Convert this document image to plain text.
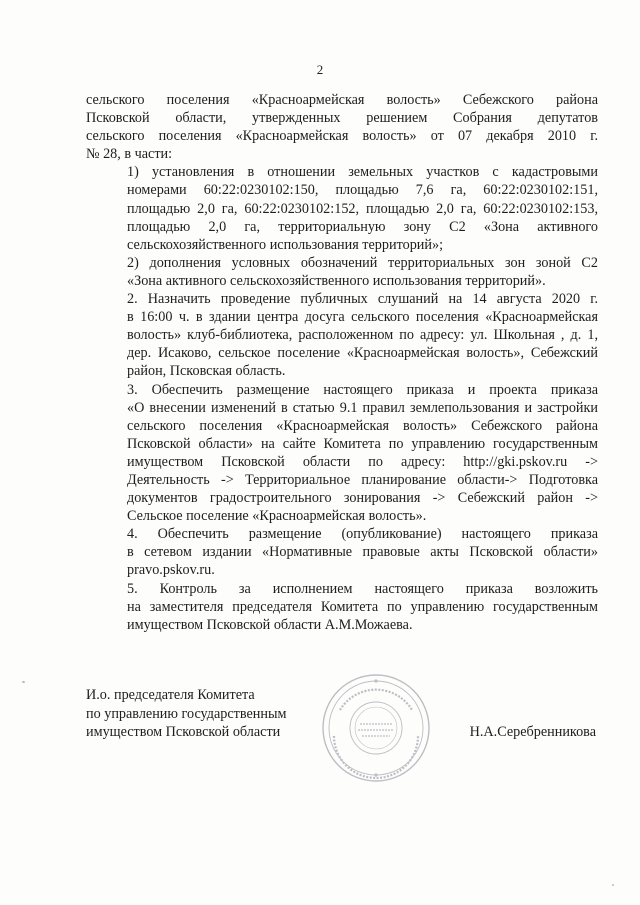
2

сельского поселения «Красноармейская волость» Себежского района
Псковской области, утвержденных решением Собрания депутатов
сельского поселения «Красноармейская волость» от 07 декабря 2010 г.
№ 28, в части:

1) установления в отношении земельных участков с кадастровыми
номерами 60:22:0230102:150, площадью 7,6 га, 60:22:0230102:151,
площадью 2,0 га, 60:22:0230102:152, площадью 2,0 га, 60:22:0230102:153,
площадью 2,0 га, территориальную зону С2 «Зона активного
сельскохозяйственного использования территорий»;

2) дополнения условных обозначений территориальных зон зоной С2
«Зона активного сельскохозяйственного использования территорий».

2. Назначить проведение публичных слушаний на 14 августа 2020 г.
в 16:00 ч. в здании центра досуга сельского поселения «Красноармейская
волость» клуб-библиотека, расположенном по адресу: ул. Школьная , д. 1,
дер. Исаково, сельское поселение «Красноармейская волость», Себежский
район, Псковская область.

3. Обеспечить размещение настоящего приказа и проекта приказа
«О внесении изменений в статью 9.1 правил землепользования и застройки
сельского поселения «Красноармейская волость» Себежского района
Псковской области» на сайте Комитета по управлению государственным
имуществом Псковской области по адресу: http://gki.pskov.ru ->
Деятельность -> Территориальное планирование области-> Подготовка
документов градостроительного зонирования -> Себежский район ->
Сельское поселение «Красноармейская волость».

4. Обеспечить размещение (опубликование) настоящего приказа
в сетевом издании «Нормативные правовые акты Псковской области»
pravo.pskov.ru.

5. Контроль за исполнением настоящего приказа возложить
на заместителя председателя Комитета по управлению государственным
имуществом Псковской области А.М.Можаева.

И.о. председателя Комитета
по управлению государственным
имуществом Псковской области	Н.А.Серебренникова
